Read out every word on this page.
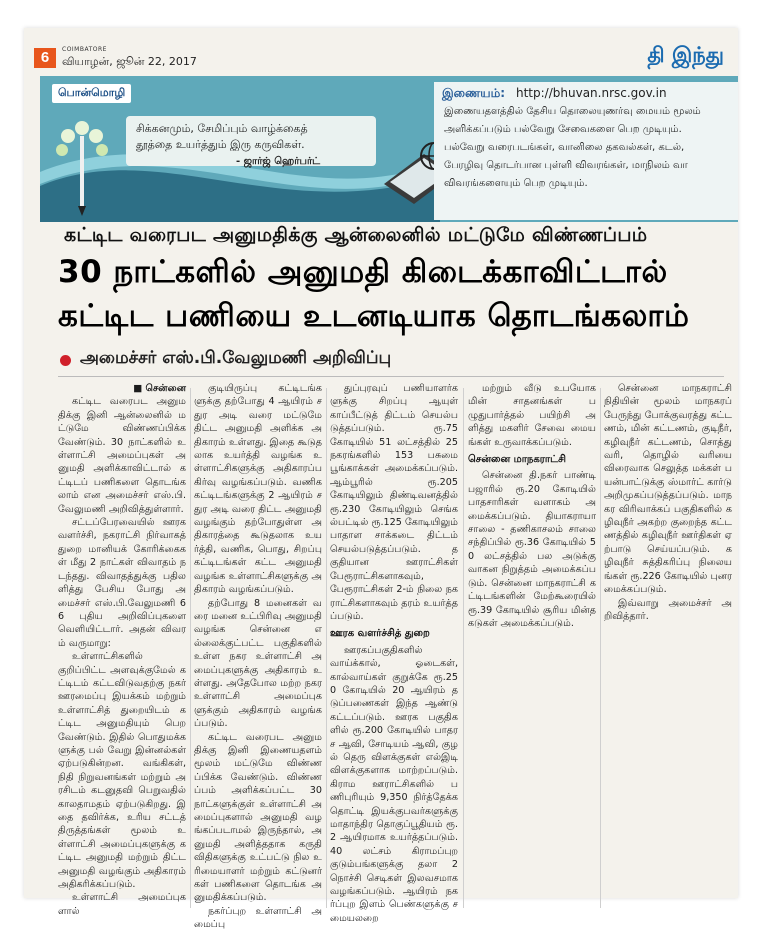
6	COIMBATORE
வியாழன், ஜூன் 22, 2017	தி இந்து
பொன்மொழி
சிக்கனமும், சேமிப்பும் வாழ்க்கைத்
தூத்தை உயர்த்தும் இரு கருவிகள்.
- ஜார்ஜ் ஹெர்பர்ட்
இணையம்: http://bhuvan.nrsc.gov.in
இணையதளத்தில் தேசிய தொலையுணர்வு மையம் மூலம்
அளிக்கப்படும் பல்வேறு சேவைகளை பெற முடியும்.
பல்வேறு வரைபடங்கள், வானிலை தகவல்கள், கடல்,
பேரழிவு தொடர்பான புள்ளி விவரங்கள், மாநிலம் வா
விவரங்களையும் பெற முடியும்.
கட்டிட வரைபட அனுமதிக்கு ஆன்லைனில் மட்டுமே விண்ணப்பம்
30 நாட்களில் அனுமதி கிடைக்காவிட்டால்
கட்டிட பணியை உடனடியாக தொடங்கலாம்
அமைச்சர் எஸ்.பி.வேலுமணி அறிவிப்பு

■ சென்னை

கட்டிட வரைபட அனுமதிக்கு இனி ஆன்லைனில் மட்டுமே விண்ணப்பிக்க வேண்டும். 30 நாட்களில் உள்ளாட்சி அமைப்புகள் அனுமதி அளிக்காவிட்டால் கட்டிடப் பணிகளை தொடங்கலாம் என அமைச்சர் எஸ்.பி.வேலுமணி அறிவித்துள்ளார்.

சட்டப்பேரவையில் ஊரக வளர்ச்சி, நகராட்சி நிர்வாகத் துறை மானியக் கோரிக்கைகள் மீது 2 நாட்கள் விவாதம் நடந்தது. விவாதத்துக்கு பதிலளித்து பேசிய போது அமைச்சர் எஸ்.பி.வேலுமணி 66 புதிய அறிவிப்புகளை வெளியிட்டார். அதன் விவரம் வருமாறு:

உள்ளாட்சிகளில் குறிப்பிட்ட அளவுக்குமேல் கட்டிடம் கட்டவிடுவதற்கு நகர் ஊரமைப்பு இயக்கம் மற்றும் உள்ளாட்சித் துறையிடம் கட்டிட அனுமதியும் பெற வேண்டும். இதில் பொதுமக்களுக்கு பல் வேறு இன்னல்கள் ஏற்படுகின்றன. வங்கிகள், நிதி நிறுவனங்கள் மற்றும் அரசிடம் கடனுதவி பெறுவதில் காலதாமதம் ஏற்படுகிறது. இதை தவிர்க்க, உரிய சட்டத் திருத்தங்கள் மூலம் உள்ளாட்சி அமைப்புகளுக்கு கட்டிட அனுமதி மற்றும் திட்ட அனுமதி வழங்கும் அதிகாரம் அதிகரிக்கப்படும்.

உள்ளாட்சி அமைப்புகளால்

குடியிருப்பு கட்டிடங்களுக்கு தற்போது 4 ஆயிரம் சதுர அடி வரை மட்டுமே திட்ட அனுமதி அளிக்க அதிகாரம் உள்ளது. இதை கூடுதலாக உயர்த்தி வழங்க உள்ளாட்சிகளுக்கு அதிகாரப்பகிர்வு வழங்கப்படும். வணிக கட்டிடங்களுக்கு 2 ஆயிரம் சதுர அடி வரை திட்ட அனுமதி வழங்கும் தற்போதுள்ள அதிகாரத்தை கூடுதலாக உயர்த்தி, வணிக, பொது, சிறப்பு கட்டிடங்கள் கட்ட அனுமதி வழங்க உள்ளாட்சிகளுக்கு அதிகாரம் வழங்கப்படும்.

தற்போது 8 மனைகள் வரை மனை உட்பிரிவு அனுமதி வழங்க சென்னை எல்லைக்குட்பட்ட பகுதிகளில் உள்ள நகர உள்ளாட்சி அமைப்புகளுக்கு அதிகாரம் உள்ளது. அதேபோல மற்ற நகர உள்ளாட்சி அமைப்புகளுக்கும் அதிகாரம் வழங்கப்படும்.

கட்டிட வரைபட அனுமதிக்கு இனி இணையதளம் மூலம் மட்டுமே விண்ணப்பிக்க வேண்டும். விண்ணப்பம் அளிக்கப்பட்ட 30 நாட்களுக்குள் உள்ளாட்சி அமைப்புகளால் அனுமதி வழங்கப்படாமல் இருந்தால், அனுமதி அளித்ததாக கருதி விதிகளுக்கு உட்பட்டு நில உரிமையாளர் மற்றும் கட்டுனர் கள் பணிகளை தொடங்க அனுமதிக்கப்படும்.

நகர்ப்புற உள்ளாட்சி அமைப்பு

துப்புரவுப் பணியாளர்களுக்கு சிறப்பு ஆயுள் காப்பீட்டுத் திட்டம் செயல்படுத்தப்படும். ரூ.75 கோடியில் 51 லட்சத்தில் 25 நகரங்களில் 153 பசுமை பூங்காக்கள் அமைக்கப்படும். ஆம்பூரில் ரூ.205 கோடியிலும் திண்டிவனத்தில் ரூ.230 கோடியிலும் செங்கல்பட்டில் ரூ.125 கோடியிலும் பாதாள சாக்கடை திட்டம் செயல்படுத்தப்படும். தகுதியான ஊராட்சிகள் பேரூராட்சிகளாகவும், பேரூராட்சிகள் 2-ம் நிலை நகராட்சிகளாகவும் தரம் உயர்த்தப்படும்.

ஊரக வளர்ச்சித் துறை

ஊரகப்பகுதிகளில் வாய்க்கால், ஓடைகள், கால்வாய்கள் குறுக்கே ரூ.250 கோடியில் 20 ஆயிரம் தடுப்பணைகள் இந்த ஆண்டு கட்டப்படும். ஊரக பகுதிகளில் ரூ.200 கோடியில் பாதரச ஆவி, சோடியம் ஆவி, குழல் தெரு விளக்குகள் எல்இடி விளக்குகளாக மாற்றப்படும். கிராம ஊராட்சிகளில் பணிபுரியும் 9,350 நிர்த்தேக்க தொட்டி இயக்குபவர்களுக்கு மாதாந்திர தொகுப்பூதியம் ரூ.2 ஆயிரமாக உயர்த்தப்படும். 40 லட்சம் கிராமப்புற குடும்பங்களுக்கு தலா 2 நொச்சி செடிகள் இலவசமாக வழங்கப்படும். ஆயிரம் நகர்ப்புற இளம் பெண்களுக்கு சமையலறை

மற்றும் வீடு உபயோக மின் சாதனங்கள் பழுதுபார்த்தல் பயிற்சி அளித்து மகளிர் சேவை மையங்கள் உருவாக்கப்படும்.

சென்னை மாநகராட்சி

சென்னை தி.நகர் பாண்டி பஜாரில் ரூ.20 கோடியில் பாதசாரிகள் வளாகம் அமைக்கப்படும். தியாகராயா சாலை - தணிகாசலம் சாலை சந்திப்பில் ரூ.36 கோடியில் 50 லட்சத்தில் பல அடுக்கு வாகன நிறுத்தம் அமைக்கப்படும். சென்னை மாநகராட்சி கட்டிடங்களின் மேற்கூரையில் ரூ.39 கோடியில் சூரிய மின்தகடுகள் அமைக்கப்படும்.

சென்னை மாநகராட்சி நிதியின் மூலம் மாநகரப் பேருந்து போக்குவரத்து கட்டணம், மின் கட்டணம், குடிநீர், கழிவுநீர் கட்டணம், சொத்து வரி, தொழில் வரியை விரைவாக செலுத்த மக்கள் பயன்பாட்டுக்கு ஸ்மார்ட் கார்டு அறிமுகப்படுத்தப்படும். மாநகர விரிவாக்கப் பகுதிகளில் கழிவுநீர் அகற்ற குறைந்த கட்டணத்தில் கழிவுநீர் ஊர்திகள் ஏற்பாடு செய்யப்படும். கழிவுநீர் சுத்திகரிப்பு நிலையங்கள் ரூ.226 கோடியில் புனரமைக்கப்படும்.

இவ்வாறு அமைச்சர் அறிவித்தார்.
